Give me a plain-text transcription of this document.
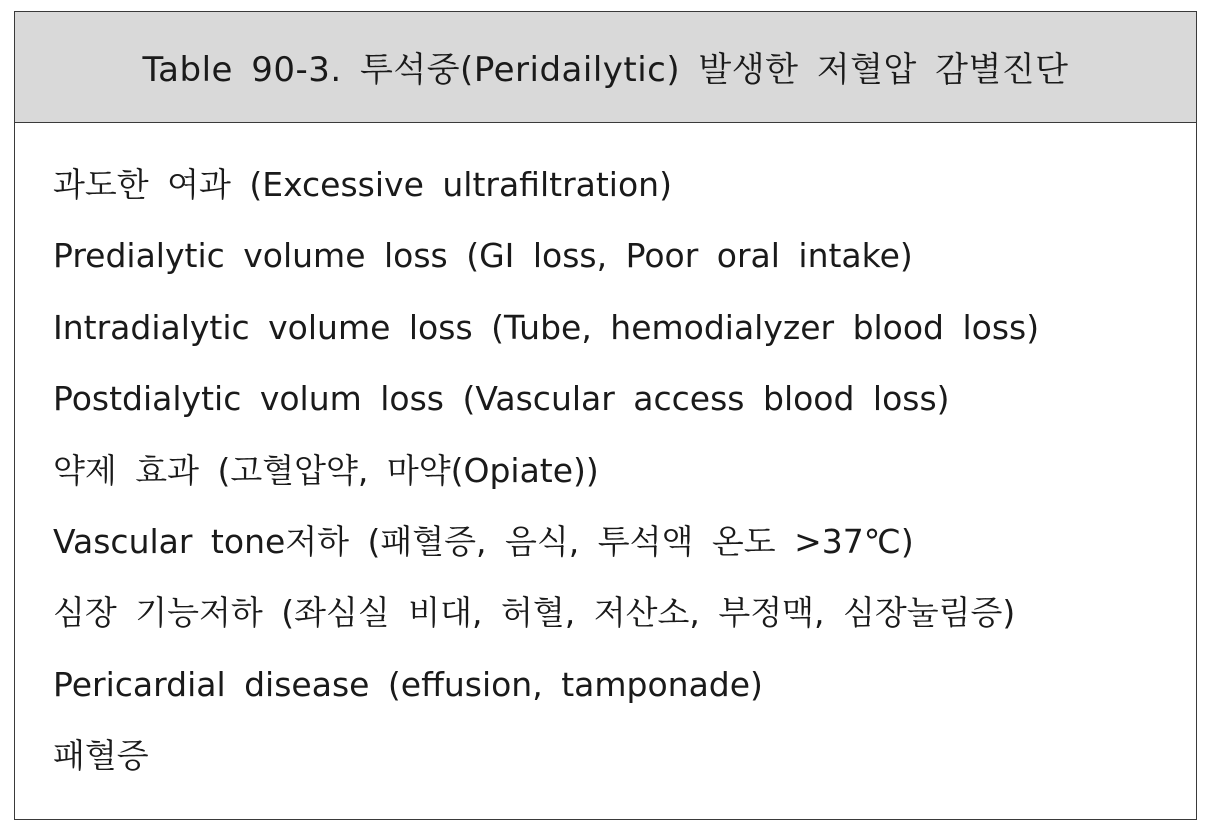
Table 90-3. 투석중(Peridailytic) 발생한 저혈압 감별진단
과도한 여과 (Excessive ultrafiltration)
Predialytic volume loss (GI loss, Poor oral intake)
Intradialytic volume loss (Tube, hemodialyzer blood loss)
Postdialytic volum loss (Vascular access blood loss)
약제 효과 (고혈압약, 마약(Opiate))
Vascular tone저하 (패혈증, 음식, 투석액 온도 >37℃)
심장 기능저하 (좌심실 비대, 허혈, 저산소, 부정맥, 심장눌림증)
Pericardial disease (effusion, tamponade)
패혈증
